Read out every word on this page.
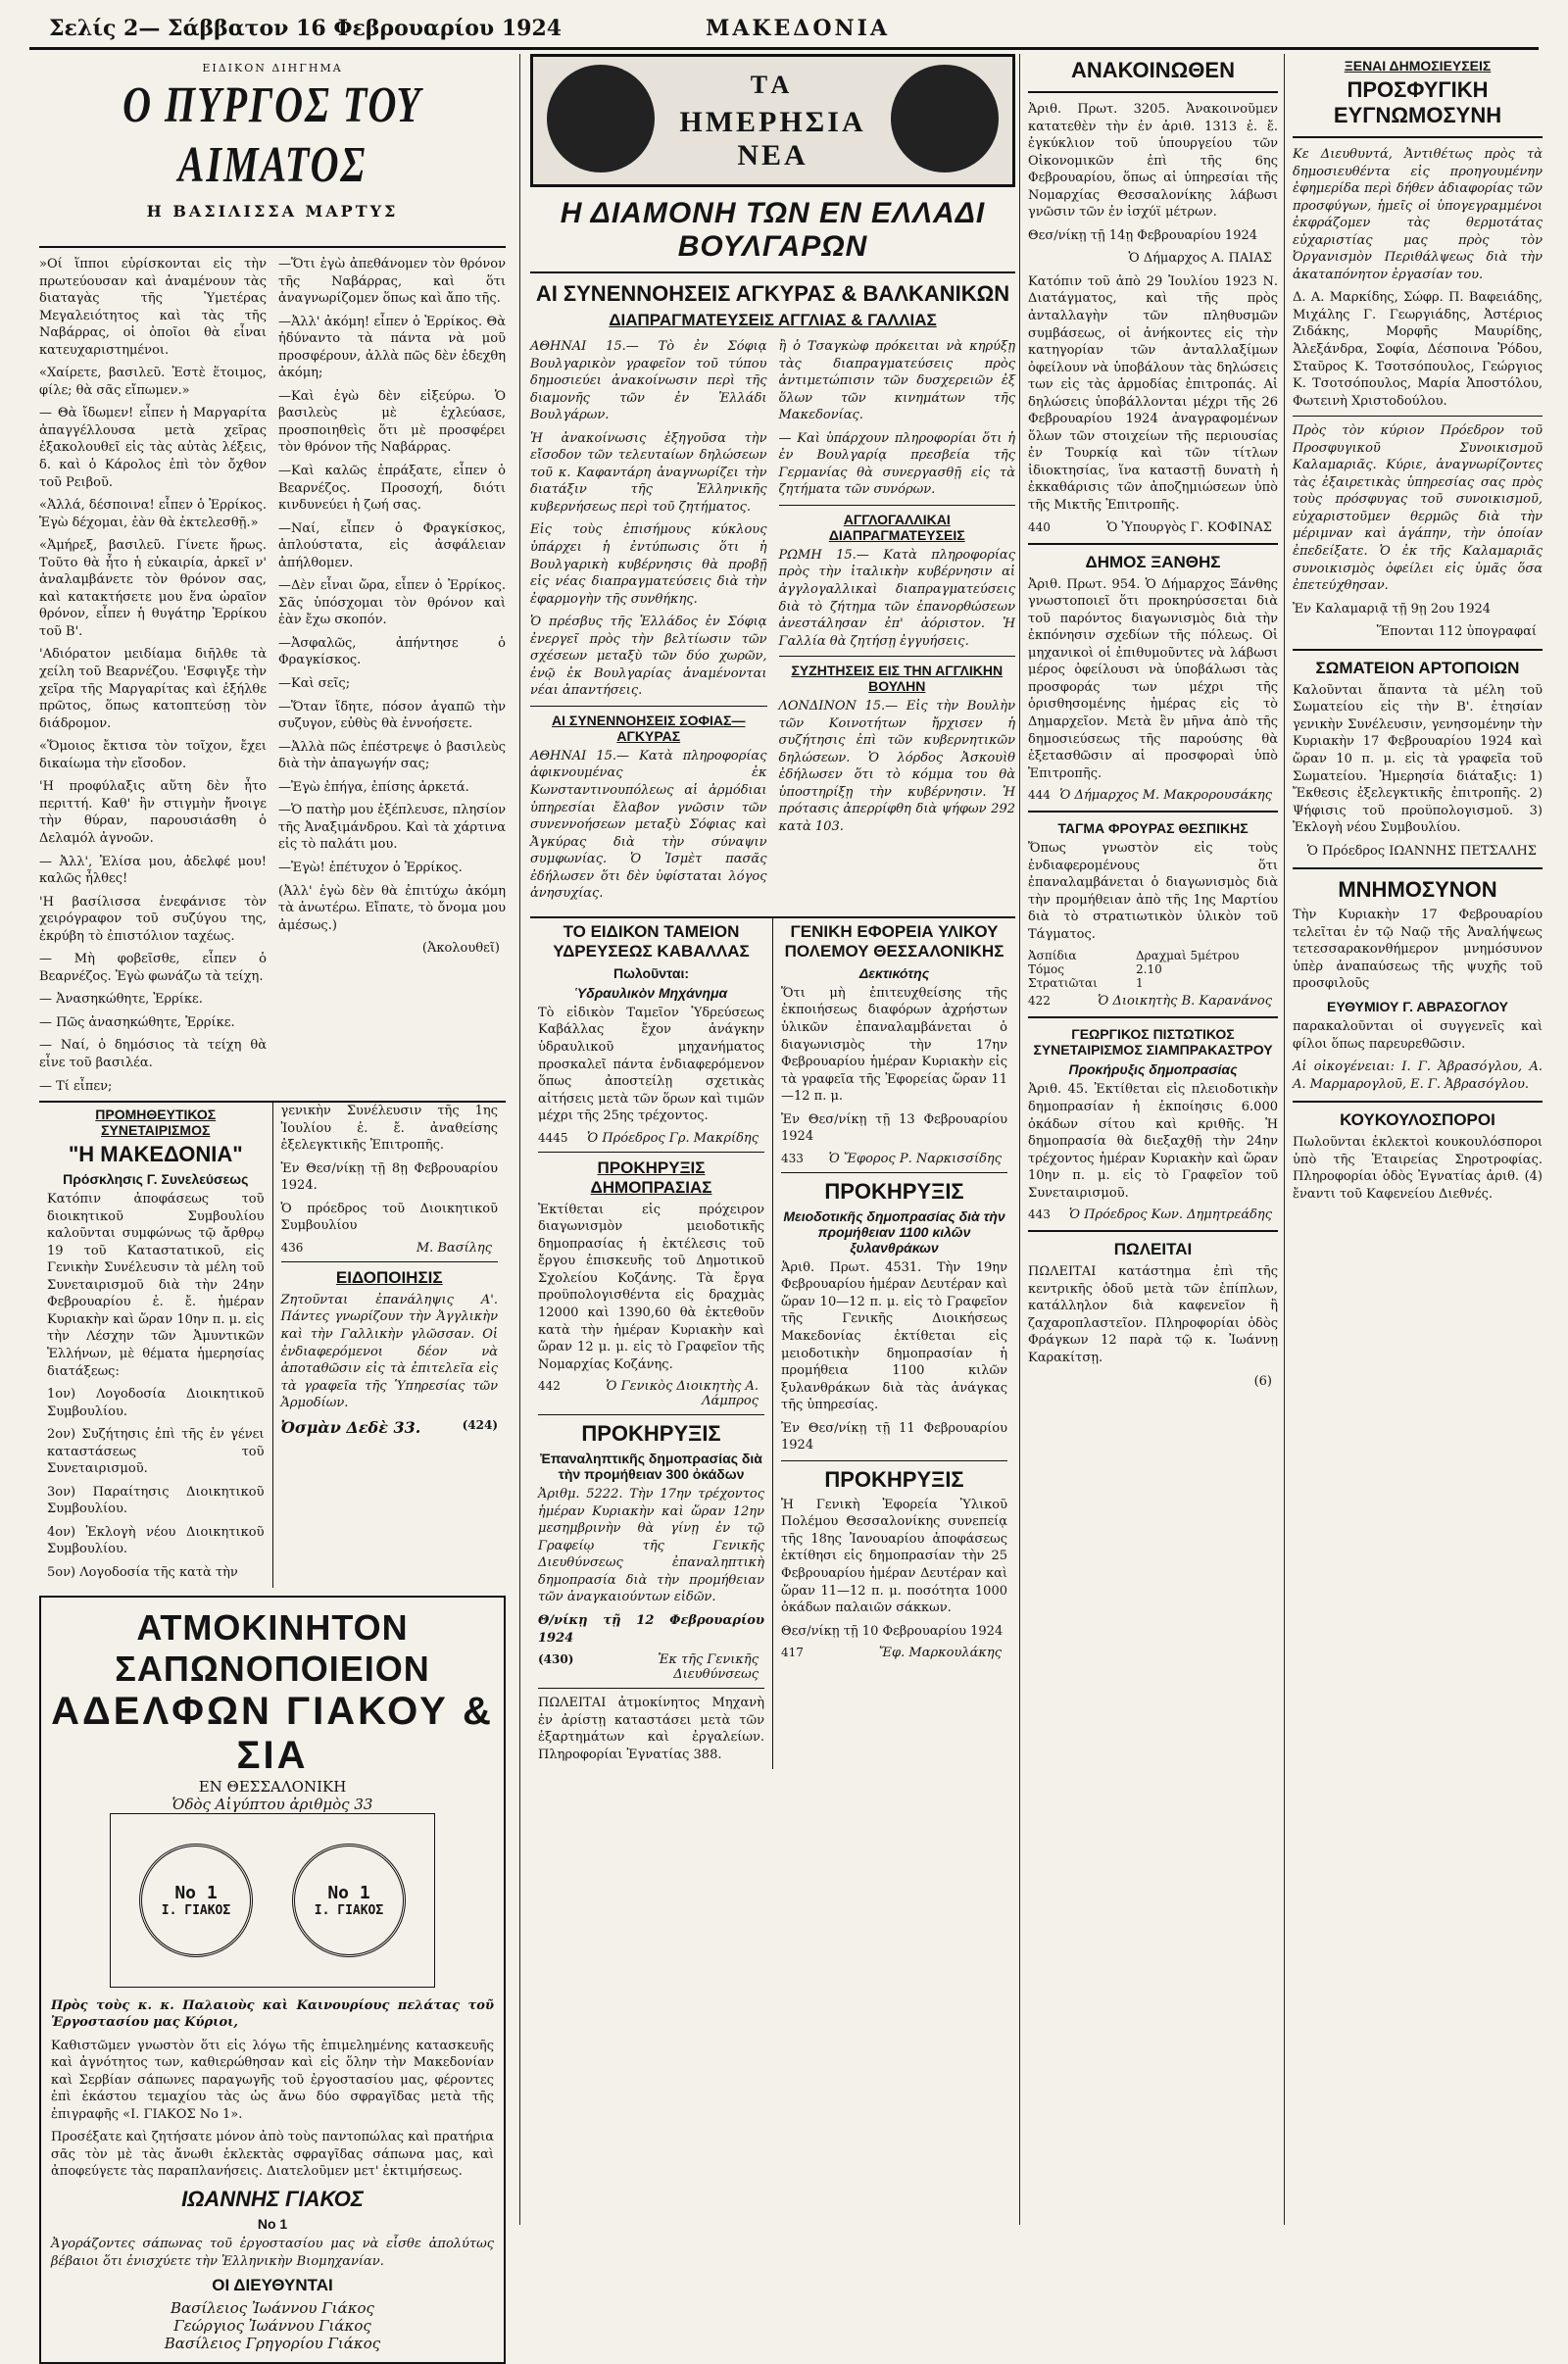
Σελίς 2— Σάββατον 16 Φεβρουαρίου 1924	ΜΑΚΕΔΟΝΙΑ
ΕΙΔΙΚΟΝ ΔΙΗΓΗΜΑ
Ο ΠΥΡΓΟΣ ΤΟΥ ΑΙΜΑΤΟΣ
Η ΒΑΣΙΛΙΣΣΑ ΜΑΡΤΥΣ

»Οί ἵπποι εὑρίσκονται εἰς τὴν πρωτεύουσαν καὶ ἀναμένουν τὰς διαταγὰς τῆς Ὑμετέρας Μεγαλειότητος καὶ τὰς τῆς Ναβάρρας, οἱ ὁποῖοι θὰ εἶναι κατευχαριστημένοι.

«Χαίρετε, βασιλεῦ. Ἐστὲ ἕτοιμος, φίλε; θὰ σᾶς εἴπωμεν.»

— Θὰ ἴδωμεν! εἶπεν ἡ Μαργαρίτα ἀπαγγέλλουσα μετὰ χεῖρας ἐξακολουθεῖ εἰς τὰς αὐτὰς λέξεις, δ. καὶ ὁ Κάρολος ἐπὶ τὸν ὄχθον τοῦ Ρειβοῦ.

«Ἀλλά, δέσποινα! εἶπεν ὁ Ἐρρίκος. Ἐγὼ δέχομαι, ἐὰν θὰ ἐκτελεσθῇ.»

«Ἀμήρεξ, βασιλεῦ. Γίνετε ἥρως. Τοῦτο θὰ ἦτο ἡ εὐκαιρία, ἀρκεῖ ν' ἀναλαμβάνετε τὸν θρόνον σας, καὶ κατακτήσετε μου ἕνα ὡραῖον θρόνον, εἶπεν ἡ θυγάτηρ Ἐρρίκου τοῦ Β'.

'Αδιόρατον μειδίαμα διῆλθε τὰ χείλη τοῦ Βεαρνέζου. 'Εσφιγξε τὴν χεῖρα τῆς Μαργαρίτας καὶ ἐξήλθε πρῶτος, ὅπως κατοπτεύσῃ τὸν διάδρομον.

«Ὅμοιος ἔκτισα τὸν τοῖχον, ἔχει δικαίωμα τὴν εἴσοδον.

'Η προφύλαξις αὕτη δὲν ἦτο περιττή. Καθ' ἣν στιγμὴν ἤνοιγε τὴν θύραν, παρουσιάσθη ὁ Δελαμόλ ἀγνοῶν.

— Ἀλλ', Ἐλίσα μου, ἀδελφέ μου! καλῶς ἦλθες!

'Η βασίλισσα ἐνεφάνισε τὸν χειρόγραφον τοῦ συζύγου της, ἐκρύβη τὸ ἐπιστόλιον ταχέως.

— Μὴ φοβεῖσθε, εἶπεν ὁ Βεαρνέζος. Ἐγὼ φωνάζω τὰ τείχη.

— Ἀνασηκώθητε, Ἐρρίκε.

— Πῶς ἀνασηκώθητε, Ἐρρίκε.

— Ναί, ὁ δημόσιος τὰ τείχη θὰ εἶνε τοῦ βασιλέα.

— Τί εἶπεν;

—Ὅτι ἐγὼ ἀπεθάνομεν τὸν θρόνον τῆς Ναβάρρας, καὶ ὅτι ἀναγνωρίζομεν ὅπως καὶ ἄπο τῆς.

—Ἀλλ' ἀκόμη! εἶπεν ὁ Ἐρρίκος. Θὰ ἠδύναντο τὰ πάντα νὰ μοῦ προσφέρουν, ἀλλὰ πῶς δὲν ἐδεχθη ἀκόμη;

—Καὶ ἐγὼ δὲν εἰξεύρω. Ὁ βασιλεὺς μὲ ἐχλεύασε, προσποιηθεὶς ὅτι μὲ προσφέρει τὸν θρόνον τῆς Ναβάρρας.

—Καὶ καλῶς ἐπράξατε, εἶπεν ὁ Βεαρνέζος. Προσοχή, διότι κινδυνεύει ἡ ζωή σας.

—Ναί, εἶπεν ὁ Φραγκίσκος, ἁπλούστατα, εἰς ἀσφάλειαν ἀπήλθομεν.

—Δὲν εἶναι ὥρα, εἶπεν ὁ Ἐρρίκος. Σᾶς ὑπόσχομαι τὸν θρόνον καὶ ἐὰν ἔχω σκοπόν.

—Ἀσφαλῶς, ἀπήντησε ὁ Φραγκίσκος.

—Καὶ σεῖς;

—Ὅταν ἴδητε, πόσον ἀγαπῶ τὴν συζυγον, εὐθὺς θὰ ἐννοήσετε.

—Ἀλλὰ πῶς ἐπέστρεψε ὁ βασιλεὺς διὰ τὴν ἀπαγωγήν σας;

—Ἐγὼ ἐπήγα, ἐπίσης ἀρκετά.

—Ὁ πατὴρ μου ἐξέπλευσε, πλησίον τῆς Ἀναξιμάνδρου. Καὶ τὰ χάρτινα εἰς τὸ παλάτι μου.

—Ἐγὼ! ἐπέτυχον ὁ Ἐρρίκος.

(Ἀλλ' ἐγὼ δὲν θὰ ἐπιτύχω ἀκόμη τὰ ἀνωτέρω. Εἴπατε, τὸ ὄνομα μου ἀμέσως.)

(Ἀκολουθεῖ)

ΠΡΟΜΗΘΕΥΤΙΚΟΣ ΣΥΝΕΤΑΙΡΙΣΜΟΣ
"Η ΜΑΚΕΔΟΝΙΑ"
Πρόσκλησις Γ. Συνελεύσεως

Κατόπιν ἀποφάσεως τοῦ διοικητικοῦ Συμβουλίου καλοῦνται συμφώνως τῷ ἄρθρῳ 19 τοῦ Καταστατικοῦ, εἰς Γενικὴν Συνέλευσιν τὰ μέλη τοῦ Συνεταιρισμοῦ διὰ τὴν 24ην Φεβρουαρίου ἐ. ἔ. ἡμέραν Κυριακὴν καὶ ὥραν 10ην π. μ. εἰς τὴν Λέσχην τῶν Ἀμυντικῶν Ἑλλήνων, μὲ θέματα ἡμερησίας διατάξεως:

1ον) Λογοδοσία Διοικητικοῦ Συμβουλίου.

2ον) Συζήτησις ἐπὶ τῆς ἐν γένει καταστάσεως τοῦ Συνεταιρισμοῦ.

3ον) Παραίτησις Διοικητικοῦ Συμβουλίου.

4ον) Ἐκλογὴ νέου Διοικητικοῦ Συμβουλίου.

5ον) Λογοδοσία τῆς κατὰ τὴν

γενικὴν Συνέλευσιν τῆς 1ης Ἰουλίου ἐ. ἔ. ἀναθείσης ἐξελεγκτικῆς Ἐπιτροπῆς.

Ἐν Θεσ/νίκῃ τῇ 8ῃ Φεβρουαρίου 1924.

Ὁ πρόεδρος τοῦ Διοικητικοῦ Συμβουλίου

436	Μ. Βασίλης
ΕΙΔΟΠΟΙΗΣΙΣ

Ζητοῦνται ἐπανάληψις Α'. Πάντες γνωρίζουν τὴν Ἀγγλικὴν καὶ τὴν Γαλλικὴν γλῶσσαν. Οἱ ἐνδιαφερόμενοι δέον νὰ ἀποταθῶσιν εἰς τὰ ἐπιτελεῖα εἰς τὰ γραφεῖα τῆς Ὑπηρεσίας τῶν Ἁρμοδίων.

Ὀσμὰν Δεδὲ 33.	(424)
ΑΤΜΟΚΙΝΗΤΟΝ ΣΑΠΩΝΟΠΟΙΕΙΟΝ
ΑΔΕΛΦΩΝ ΓΙΑΚΟΥ & ΣΙΑ
ΕΝ ΘΕΣΣΑΛΟΝΙΚΗ
Ὁδὸς Αἰγύπτου ἀριθμὸς 33
Νο 1
Ι. ΓΙΑΚΟΣ
Νο 1
Ι. ΓΙΑΚΟΣ

Πρὸς τοὺς κ. κ. Παλαιοὺς καὶ Καινουρίους πελάτας τοῦ Ἐργοστασίου μας Κύριοι,

Καθιστῶμεν γνωστὸν ὅτι εἰς λόγω τῆς ἐπιμελημένης κατασκευῆς καὶ ἀγνότητος των, καθιερώθησαν καὶ εἰς ὅλην τὴν Μακεδονίαν καὶ Σερβίαν σάπωνες παραγωγῆς τοῦ ἐργοστασίου μας, φέροντες ἐπὶ ἑκάστου τεμαχίου τὰς ὡς ἄνω δύο σφραγῖδας μετὰ τῆς ἐπιγραφῆς «Ι. ΓΙΑΚΟΣ Νο 1».

Προσέξατε καὶ ζητήσατε μόνον ἀπὸ τοὺς παντοπώλας καὶ πρατήρια σᾶς τὸν μὲ τὰς ἄνωθι ἐκλεκτὰς σφραγῖδας σάπωνα μας, καὶ ἀποφεύγετε τὰς παραπλανήσεις. Διατελοῦμεν μετ' ἐκτιμήσεως.

ΙΩΑΝΝΗΣ ΓΙΑΚΟΣ
Νο 1

Ἀγοράζοντες σάπωνας τοῦ ἐργοστασίου μας νὰ εἶσθε ἀπολύτως βέβαιοι ὅτι ἐνισχύετε τὴν Ἑλληνικὴν Βιομηχανίαν.

ΟΙ ΔΙΕΥΘΥΝΤΑΙ
Βασίλειος Ἰωάννου Γιάκος
Γεώργιος Ἰωάννου Γιάκος
Βασίλειος Γρηγορίου Γιάκος
ΤΑ
ΗΜΕΡΗΣΙΑ ΝΕΑ
Η ΔΙΑΜΟΝΗ ΤΩΝ ΕΝ ΕΛΛΑΔΙ ΒΟΥΛΓΑΡΩΝ
ΑΙ ΣΥΝΕΝΝΟΗΣΕΙΣ ΑΓΚΥΡΑΣ & ΒΑΛΚΑΝΙΚΩΝ
ΔΙΑΠΡΑΓΜΑΤΕΥΣΕΙΣ ΑΓΓΛΙΑΣ & ΓΑΛΛΙΑΣ

ΑΘΗΝΑΙ 15.— Τὸ ἐν Σόφιᾳ Βουλγαρικὸν γραφεῖον τοῦ τύπου δημοσιεύει ἀνακοίνωσιν περὶ τῆς διαμονῆς τῶν ἐν Ἑλλάδι Βουλγάρων.

Ἡ ἀνακοίνωσις ἐξηγοῦσα τὴν εἴσοδον τῶν τελευταίων δηλώσεων τοῦ κ. Καφαντάρη ἀναγνωρίζει τὴν διατάξιν τῆς Ἑλληνικῆς κυβερνήσεως περὶ τοῦ ζητήματος.

Εἰς τοὺς ἐπισήμους κύκλους ὑπάρχει ἡ ἐντύπωσις ὅτι ἡ Βουλγαρικὴ κυβέρνησις θὰ προβῇ εἰς νέας διαπραγματεύσεις διὰ τὴν ἐφαρμογὴν τῆς συνθήκης.

Ὁ πρέσβυς τῆς Ἑλλάδος ἐν Σόφιᾳ ἐνεργεῖ πρὸς τὴν βελτίωσιν τῶν σχέσεων μεταξὺ τῶν δύο χωρῶν, ἐνῷ ἐκ Βουλγαρίας ἀναμένονται νέαι ἀπαντήσεις.

ΑΙ ΣΥΝΕΝΝΟΗΣΕΙΣ ΣΟΦΙΑΣ—ΑΓΚΥΡΑΣ

ΑΘΗΝΑΙ 15.— Κατὰ πληροφορίας ἀφικνουμένας ἐκ Κωνσταντινουπόλεως αἱ ἀρμόδιαι ὑπηρεσίαι ἔλαβον γνῶσιν τῶν συνεννοήσεων μεταξὺ Σόφιας καὶ Ἀγκύρας διὰ τὴν σύναψιν συμφωνίας. Ὁ Ἰσμὲτ πασᾶς ἐδήλωσεν ὅτι δὲν ὑφίσταται λόγος ἀνησυχίας.

ἢ ὁ Τσαγκὼφ πρόκειται νὰ κηρύξῃ τὰς διαπραγματεύσεις πρὸς ἀντιμετώπισιν τῶν δυσχερειῶν ἐξ ὅλων τῶν κινημάτων τῆς Μακεδονίας.

— Καὶ ὑπάρχουν πληροφορίαι ὅτι ἡ ἐν Βουλγαρίᾳ πρεσβεία τῆς Γερμανίας θὰ συνεργασθῇ εἰς τὰ ζητήματα τῶν συνόρων.

ΑΓΓΛΟΓΑΛΛΙΚΑΙ ΔΙΑΠΡΑΓΜΑΤΕΥΣΕΙΣ

ΡΩΜΗ 15.— Κατὰ πληροφορίας πρὸς τὴν ἰταλικὴν κυβέρνησιν αἱ ἀγγλογαλλικαὶ διαπραγματεύσεις διὰ τὸ ζήτημα τῶν ἐπανορθώσεων ἀνεστάλησαν ἐπ' ἀόριστον. Ἡ Γαλλία θὰ ζητήσῃ ἐγγυήσεις.

ΣΥΖΗΤΗΣΕΙΣ ΕΙΣ ΤΗΝ ΑΓΓΛΙΚΗΝ ΒΟΥΛΗΝ

ΛΟΝΔΙΝΟΝ 15.— Εἰς τὴν Βουλὴν τῶν Κοινοτήτων ἤρχισεν ἡ συζήτησις ἐπὶ τῶν κυβερνητικῶν δηλώσεων. Ὁ λόρδος Ἀσκουὶθ ἐδήλωσεν ὅτι τὸ κόμμα του θὰ ὑποστηρίξῃ τὴν κυβέρνησιν. Ἡ πρότασις ἀπερρίφθη διὰ ψήφων 292 κατὰ 103.

ΤΟ ΕΙΔΙΚΟΝ ΤΑΜΕΙΟΝ ΥΔΡΕΥΣΕΩΣ ΚΑΒΑΛΛΑΣ
Πωλοῦνται:
Ὑδραυλικὸν Μηχάνημα

Τὸ εἰδικὸν Ταμεῖον Ὑδρεύσεως Καβάλλας ἔχον ἀνάγκην ὑδραυλικοῦ μηχανήματος προσκαλεῖ πάντα ἐνδιαφερόμενον ὅπως ἀποστείλῃ σχετικὰς αἰτήσεις μετὰ τῶν ὅρων καὶ τιμῶν μέχρι τῆς 25ης τρέχοντος.

4445 Ὁ Πρόεδρος Γρ. Μακρίδης
ΠΡΟΚΗΡΥΞΙΣ ΔΗΜΟΠΡΑΣΙΑΣ

Ἐκτίθεται εἰς πρόχειρον διαγωνισμὸν μειοδοτικῆς δημοπρασίας ἡ ἐκτέλεσις τοῦ ἔργου ἐπισκευῆς τοῦ Δημοτικοῦ Σχολείου Κοζάνης. Τὰ ἔργα προϋπολογισθέντα εἰς δραχμὰς 12000 καὶ 1390,60 θὰ ἐκτεθοῦν κατὰ τὴν ἡμέραν Κυριακὴν καὶ ὥραν 12 μ. μ. εἰς τὸ Γραφεῖον τῆς Νομαρχίας Κοζάνης.

442	Ὁ Γενικὸς Διοικητὴς Α. Λάμπρος
ΠΡΟΚΗΡΥΞΙΣ
Ἐπαναληπτικῆς δημοπρασίας διὰ τὴν προμήθειαν 300 ὀκάδων

Ἀριθμ. 5222. Τὴν 17ην τρέχοντος ἡμέραν Κυριακὴν καὶ ὥραν 12ην μεσημβρινὴν θὰ γίνῃ ἐν τῷ Γραφείῳ τῆς Γενικῆς Διευθύνσεως ἐπαναληπτικὴ δημοπρασία διὰ τὴν προμήθειαν τῶν ἀναγκαιούντων εἰδῶν.

Θ/νίκῃ τῇ 12 Φεβρουαρίου 1924

(430)	Ἐκ τῆς Γενικῆς Διευθύνσεως

ΠΩΛΕΙΤΑΙ ἀτμοκίνητος Μηχανὴ ἐν ἀρίστῃ καταστάσει μετὰ τῶν ἐξαρτημάτων καὶ ἐργαλείων. Πληροφορίαι Ἐγνατίας 388.

ΓΕΝΙΚΗ ΕΦΟΡΕΙΑ ΥΛΙΚΟΥ ΠΟΛΕΜΟΥ ΘΕΣΣΑΛΟΝΙΚΗΣ
Δεκτικότης

Ὅτι μὴ ἐπιτευχθείσης τῆς ἐκποιήσεως διαφόρων ἀχρήστων ὑλικῶν ἐπαναλαμβάνεται ὁ διαγωνισμὸς τὴν 17ην Φεβρουαρίου ἡμέραν Κυριακὴν εἰς τὰ γραφεῖα τῆς Ἐφορείας ὥραν 11—12 π. μ.

Ἐν Θεσ/νίκῃ τῇ 13 Φεβρουαρίου 1924

433 Ὁ Ἔφορος Ρ. Ναρκισσίδης
ΠΡΟΚΗΡΥΞΙΣ
Μειοδοτικῆς δημοπρασίας διὰ τὴν προμήθειαν 1100 κιλῶν ξυλανθράκων

Ἀριθ. Πρωτ. 4531. Τὴν 19ην Φεβρουαρίου ἡμέραν Δευτέραν καὶ ὥραν 10—12 π. μ. εἰς τὸ Γραφεῖον τῆς Γενικῆς Διοικήσεως Μακεδονίας ἐκτίθεται εἰς μειοδοτικὴν δημοπρασίαν ἡ προμήθεια 1100 κιλῶν ξυλανθράκων διὰ τὰς ἀνάγκας τῆς ὑπηρεσίας.

Ἐν Θεσ/νίκῃ τῇ 11 Φεβρουαρίου 1924

ΠΡΟΚΗΡΥΞΙΣ

Ἡ Γενικὴ Ἐφορεία Ὑλικοῦ Πολέμου Θεσσαλονίκης συνεπείᾳ τῆς 18ης Ἰανουαρίου ἀποφάσεως ἐκτίθησι εἰς δημοπρασίαν τὴν 25 Φεβρουαρίου ἡμέραν Δευτέραν καὶ ὥραν 11—12 π. μ. ποσότητα 1000 ὀκάδων παλαιῶν σάκκων.

Θεσ/νίκῃ τῇ 10 Φεβρουαρίου 1924

417	Ἔφ. Μαρκουλάκης
ΑΝΑΚΟΙΝΩΘΕΝ

Ἀριθ. Πρωτ. 3205. Ἀνακοινοῦμεν κατατεθὲν τὴν ἐν ἀριθ. 1313 ἐ. ἔ. ἐγκύκλιον τοῦ ὑπουργείου τῶν Οἰκονομικῶν ἐπὶ τῆς 6ης Φεβρουαρίου, ὅπως αἱ ὑπηρεσίαι τῆς Νομαρχίας Θεσσαλονίκης λάβωσι γνῶσιν τῶν ἐν ἰσχύϊ μέτρων.

Θεσ/νίκῃ τῇ 14ῃ Φεβρουαρίου 1924

Ὁ Δήμαρχος Α. ΠΑΙΑΣ

Κατόπιν τοῦ ἀπὸ 29 Ἰουλίου 1923 Ν. Διατάγματος, καὶ τῆς πρὸς ἀνταλλαγὴν τῶν πληθυσμῶν συμβάσεως, οἱ ἀνήκοντες εἰς τὴν κατηγορίαν τῶν ἀνταλλαξίμων ὀφείλουν νὰ ὑποβάλουν τὰς δηλώσεις των εἰς τὰς ἁρμοδίας ἐπιτροπάς. Αἱ δηλώσεις ὑποβάλλονται μέχρι τῆς 26 Φεβρουαρίου 1924 ἀναγραφομένων ὅλων τῶν στοιχείων τῆς περιουσίας ἐν Τουρκίᾳ καὶ τῶν τίτλων ἰδιοκτησίας, ἵνα καταστῇ δυνατὴ ἡ ἐκκαθάρισις τῶν ἀποζημιώσεων ὑπὸ τῆς Μικτῆς Ἐπιτροπῆς.

440	Ὁ Ὑπουργὸς Γ. ΚΟΦΙΝΑΣ
ΔΗΜΟΣ ΞΑΝΘΗΣ

Ἀριθ. Πρωτ. 954. Ὁ Δήμαρχος Ξάνθης γνωστοποιεῖ ὅτι προκηρύσσεται διὰ τοῦ παρόντος διαγωνισμὸς διὰ τὴν ἐκπόνησιν σχεδίων τῆς πόλεως. Οἱ μηχανικοὶ οἱ ἐπιθυμοῦντες νὰ λάβωσι μέρος ὀφείλουσι νὰ ὑποβάλωσι τὰς προσφοράς των μέχρι τῆς ὁρισθησομένης ἡμέρας εἰς τὸ Δημαρχεῖον. Μετὰ ἓν μῆνα ἀπὸ τῆς δημοσιεύσεως τῆς παρούσης θὰ ἐξετασθῶσιν αἱ προσφοραὶ ὑπὸ Ἐπιτροπῆς.

444 Ὁ Δήμαρχος Μ. Μακρορουσάκης
ΤΑΓΜΑ ΦΡΟΥΡΑΣ ΘΕΣΠΙΚΗΣ

Ὅπως γνωστὸν εἰς τοὺς ἐνδιαφερομένους ὅτι ἐπαναλαμβάνεται ὁ διαγωνισμὸς διὰ τὴν προμήθειαν ἀπὸ τῆς 1ης Μαρτίου διὰ τὸ στρατιωτικὸν ὑλικὸν τοῦ Τάγματος.

Ἀσπίδια	Δραχμαὶ 5μέτρου
Τόμος	2.10
Στρατιῶται	1
422	Ὁ Διοικητὴς Β. Καρανάνος
ΓΕΩΡΓΙΚΟΣ ΠΙΣΤΩΤΙΚΟΣ ΣΥΝΕΤΑΙΡΙΣΜΟΣ ΣΙΑΜΠΡΑΚΑΣΤΡΟΥ
Προκήρυξις δημοπρασίας

Ἀριθ. 45. Ἐκτίθεται εἰς πλειοδοτικὴν δημοπρασίαν ἡ ἐκποίησις 6.000 ὀκάδων σίτου καὶ κριθῆς. Ἡ δημοπρασία θὰ διεξαχθῇ τὴν 24ην τρέχοντος ἡμέραν Κυριακὴν καὶ ὥραν 10ην π. μ. εἰς τὸ Γραφεῖον τοῦ Συνεταιρισμοῦ.

443 Ὁ Πρόεδρος Κων. Δημητρεάδης
ΠΩΛΕΙΤΑΙ

ΠΩΛΕΙΤΑΙ κατάστημα ἐπὶ τῆς κεντρικῆς ὁδοῦ μετὰ τῶν ἐπίπλων, κατάλληλον διὰ καφενεῖον ἢ ζαχαροπλαστεῖον. Πληροφορίαι ὁδὸς Φράγκων 12 παρὰ τῷ κ. Ἰωάννῃ Καρακίτσῃ.

(6)

ΞΕΝΑΙ ΔΗΜΟΣΙΕΥΣΕΙΣ
ΠΡΟΣΦΥΓΙΚΗ ΕΥΓΝΩΜΟΣΥΝΗ

Κε Διευθυντά, Ἀντιθέτως πρὸς τὰ δημοσιευθέντα εἰς προηγουμένην ἐφημερίδα περὶ δήθεν ἀδιαφορίας τῶν προσφύγων, ἡμεῖς οἱ ὑπογεγραμμένοι ἐκφράζομεν τὰς θερμοτάτας εὐχαριστίας μας πρὸς τὸν Ὀργανισμὸν Περιθάλψεως διὰ τὴν ἀκαταπόνητον ἐργασίαν του.

Δ. Α. Μαρκίδης, Σώφρ. Π. Βαφειάδης, Μιχάλης Γ. Γεωργιάδης, Ἀστέριος Ζιδάκης, Μορφῆς Μαυρίδης, Ἀλεξάνδρα, Σοφία, Δέσποινα Ῥόδου, Σταῦρος Κ. Τσοτσόπουλος, Γεώργιος Κ. Τσοτσόπουλος, Μαρία Ἀποστόλου, Φωτεινὴ Χριστοδούλου.

Πρὸς τὸν κύριον Πρόεδρον τοῦ Προσφυγικοῦ Συνοικισμοῦ Καλαμαριᾶς. Κύριε, ἀναγνωρίζοντες τὰς ἐξαιρετικὰς ὑπηρεσίας σας πρὸς τοὺς πρόσφυγας τοῦ συνοικισμοῦ, εὐχαριστοῦμεν θερμῶς διὰ τὴν μέριμναν καὶ ἀγάπην, τὴν ὁποίαν ἐπεδείξατε. Ὁ ἐκ τῆς Καλαμαριᾶς συνοικισμὸς ὀφείλει εἰς ὑμᾶς ὅσα ἐπετεύχθησαν.

Ἐν Καλαμαριᾷ τῇ 9ῃ 2ου 1924

Ἕπονται 112 ὑπογραφαί

ΣΩΜΑΤΕΙΟΝ ΑΡΤΟΠΟΙΩΝ

Καλοῦνται ἅπαντα τὰ μέλη τοῦ Σωματείου εἰς τὴν Β'. ἐτησίαν γενικὴν Συνέλευσιν, γενησομένην τὴν Κυριακὴν 17 Φεβρουαρίου 1924 καὶ ὥραν 10 π. μ. εἰς τὰ γραφεῖα τοῦ Σωματείου. Ἡμερησία διάταξις: 1) Ἔκθεσις ἐξελεγκτικῆς ἐπιτροπῆς. 2) Ψήφισις τοῦ προϋπολογισμοῦ. 3) Ἐκλογὴ νέου Συμβουλίου.

Ὁ Πρόεδρος ΙΩΑΝΝΗΣ ΠΕΤΣΑΛΗΣ

ΜΝΗΜΟΣΥΝΟΝ

Τὴν Κυριακὴν 17 Φεβρουαρίου τελεῖται ἐν τῷ Ναῷ τῆς Ἀναλήψεως τετεσσαρακονθήμερον μνημόσυνον ὑπὲρ ἀναπαύσεως τῆς ψυχῆς τοῦ προσφιλοῦς

ΕΥΘΥΜΙΟΥ Γ. ΑΒΡΑΣΟΓΛΟΥ

παρακαλοῦνται οἱ συγγενεῖς καὶ φίλοι ὅπως παρευρεθῶσιν.

Αἱ οἰκογένειαι: Ι. Γ. Ἀβρασόγλου, Α. Α. Μαρμαρογλοῦ, Ε. Γ. Ἀβρασόγλου.

ΚΟΥΚΟΥΛΟΣΠΟΡΟΙ

Πωλοῦνται ἐκλεκτοὶ κουκουλόσποροι ὑπὸ τῆς Ἑταιρείας Σηροτροφίας. Πληροφορίαι ὁδὸς Ἐγνατίας ἀριθ. (4) ἔναντι τοῦ Καφενείου Διεθνές.
